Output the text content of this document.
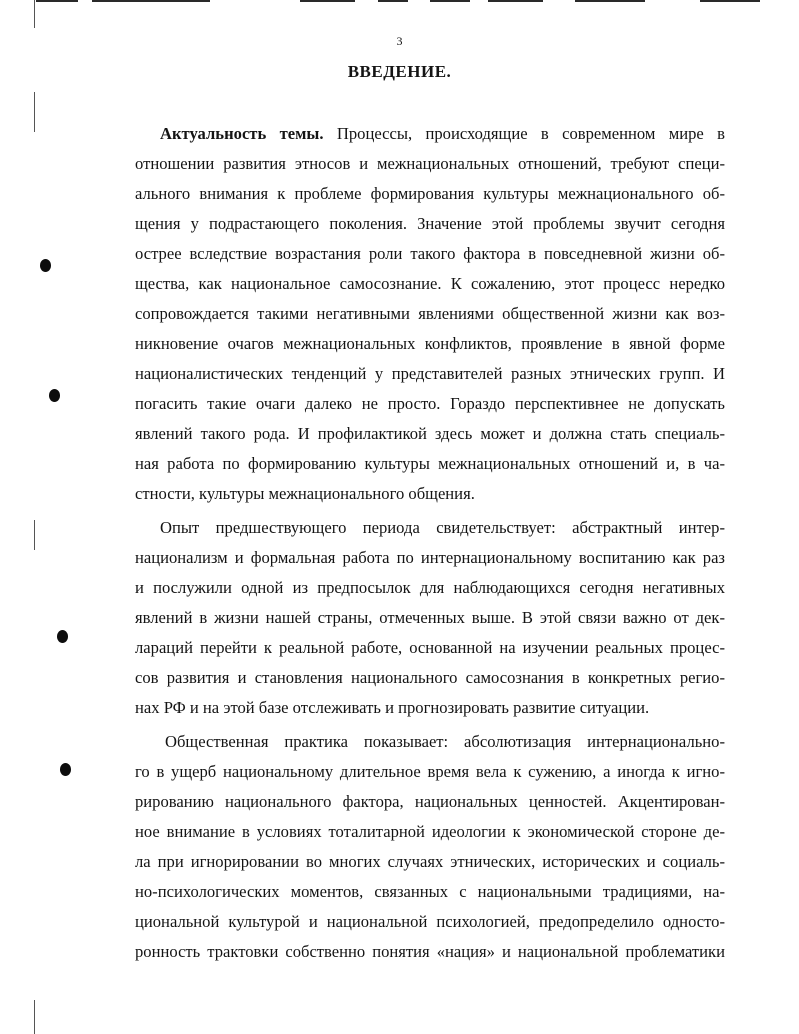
3
ВВЕДЕНИЕ.
Актуальность темы. Процессы, происходящие в современном мире в
отношении развития этносов и межнациональных отношений, требуют специ-
ального внимания к проблеме формирования культуры межнационального об-
щения у подрастающего поколения. Значение этой проблемы звучит сегодня
острее вследствие возрастания роли такого фактора в повседневной жизни об-
щества, как национальное самосознание. К сожалению, этот процесс нередко
сопровождается такими негативными явлениями общественной жизни как воз-
никновение очагов межнациональных конфликтов, проявление в явной форме
националистических тенденций у представителей разных этнических групп. И
погасить такие очаги далеко не просто. Гораздо перспективнее не допускать
явлений такого рода. И профилактикой здесь может и должна стать специаль-
ная работа по формированию культуры межнациональных отношений и, в ча-
стности, культуры межнационального общения.
Опыт предшествующего периода свидетельствует: абстрактный интер-
национализм и формальная работа по интернациональному воспитанию как раз
и послужили одной из предпосылок для наблюдающихся сегодня негативных
явлений в жизни нашей страны, отмеченных выше. В этой связи важно от дек-
лараций перейти к реальной работе, основанной на изучении реальных процес-
сов развития и становления национального самосознания в конкретных регио-
нах РФ и на этой базе отслеживать и прогнозировать развитие ситуации.
Общественная практика показывает: абсолютизация интернационально-
го в ущерб национальному длительное время вела к сужению, а иногда к игно-
рированию национального фактора, национальных ценностей. Акцентирован-
ное внимание в условиях тоталитарной идеологии к экономической стороне де-
ла при игнорировании во многих случаях этнических, исторических и социаль-
но-психологических моментов, связанных с национальными традициями, на-
циональной культурой и национальной психологией, предопределило односто-
ронность трактовки собственно понятия «нация» и национальной проблематики
